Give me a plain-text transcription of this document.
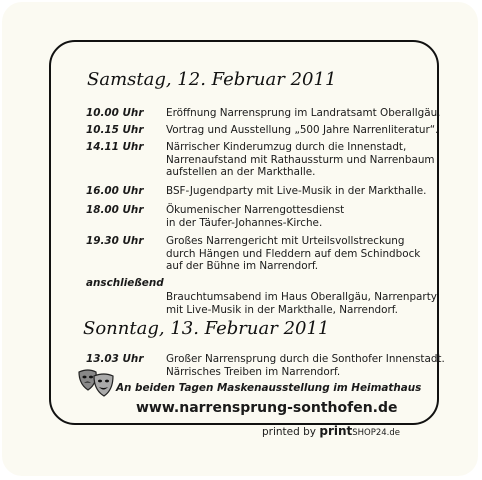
Samstag, 12. Februar 2011
10.00 Uhr Eröffnung Narrensprung im Landratsamt Oberallgäu.
10.15 Uhr Vortrag und Ausstellung „500 Jahre Narrenliteratur“.
14.11 Uhr Närrischer Kinderumzug durch die Innenstadt,
Narrenaufstand mit Rathaussturm und Narrenbaum
aufstellen an der Markthalle.
16.00 Uhr BSF-Jugendparty mit Live-Musik in der Markthalle.
18.00 Uhr Ökumenischer Narrengottesdienst
in der Täufer-Johannes-Kirche.
19.30 Uhr Großes Narrengericht mit Urteilsvollstreckung
durch Hängen und Fleddern auf dem Schindbock
auf der Bühne im Narrendorf.
anschließend
Brauchtumsabend im Haus Oberallgäu, Narrenparty
mit Live-Musik in der Markthalle, Narrendorf.
Sonntag, 13. Februar 2011
13.03 Uhr Großer Narrensprung durch die Sonthofer Innenstadt.
Närrisches Treiben im Narrendorf.
An beiden Tagen Maskenausstellung im Heimathaus
www.narrensprung-sonthofen.de
printed by printSHOP24.de
